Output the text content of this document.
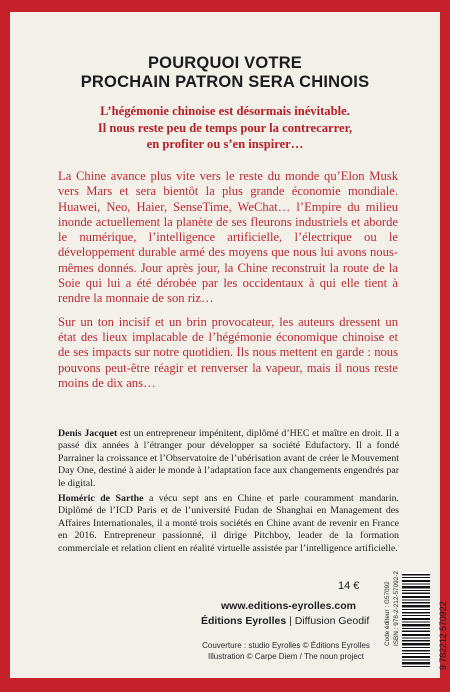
POURQUOI VOTRE
PROCHAIN PATRON SERA CHINOIS
L’hégémonie chinoise est désormais inévitable.
Il nous reste peu de temps pour la contrecarrer,
en profiter ou s’en inspirer…

La Chine avance plus vite vers le reste du monde qu’Elon Musk vers Mars et sera bientôt la plus grande économie mondiale. Huawei, Neo, Haier, SenseTime, WeChat… l’Empire du milieu inonde actuellement la planète de ses fleurons industriels et aborde le numérique, l’intelligence artificielle, l’électrique ou le développement durable armé des moyens que nous lui avons nous-mêmes donnés. Jour après jour, la Chine reconstruit la route de la Soie qui lui a été dérobée par les occidentaux à qui elle tient à rendre la monnaie de son riz…

Sur un ton incisif et un brin provocateur, les auteurs dressent un état des lieux implacable de l’hégémonie économique chinoise et de ses impacts sur notre quotidien. Ils nous mettent en garde : nous pouvons peut-être réagir et renverser la vapeur, mais il nous reste moins de dix ans…

Denis Jacquet est un entrepreneur impénitent, diplômé d’HEC et maître en droit. Il a passé dix années à l’étranger pour développer sa société Edufactory. Il a fondé Parrainer la croissance et l’Observatoire de l’ubérisation avant de créer le Mouvement Day One, destiné à aider le monde à l’adaptation face aux changements engendrés par le digital.

Homéric de Sarthe a vécu sept ans en Chine et parle couramment mandarin. Diplômé de l’ICD Paris et de l’université Fudan de Shanghai en Management des Affaires Internationales, il a monté trois sociétés en Chine avant de revenir en France en 2016. Entrepreneur passionné, il dirige Pitchboy, leader de la formation commerciale et relation client en réalité virtuelle assistée par l’intelligence artificielle.

14 €
www.editions-eyrolles.com
Éditions Eyrolles | Diffusion Geodif
Couverture : studio Eyrolles © Éditions Eyrolles
Illustration © Carpe Diem / The noun project
Code éditeur : G57092 ISBN : 978-2-212-57092-2	9 782212 570922
